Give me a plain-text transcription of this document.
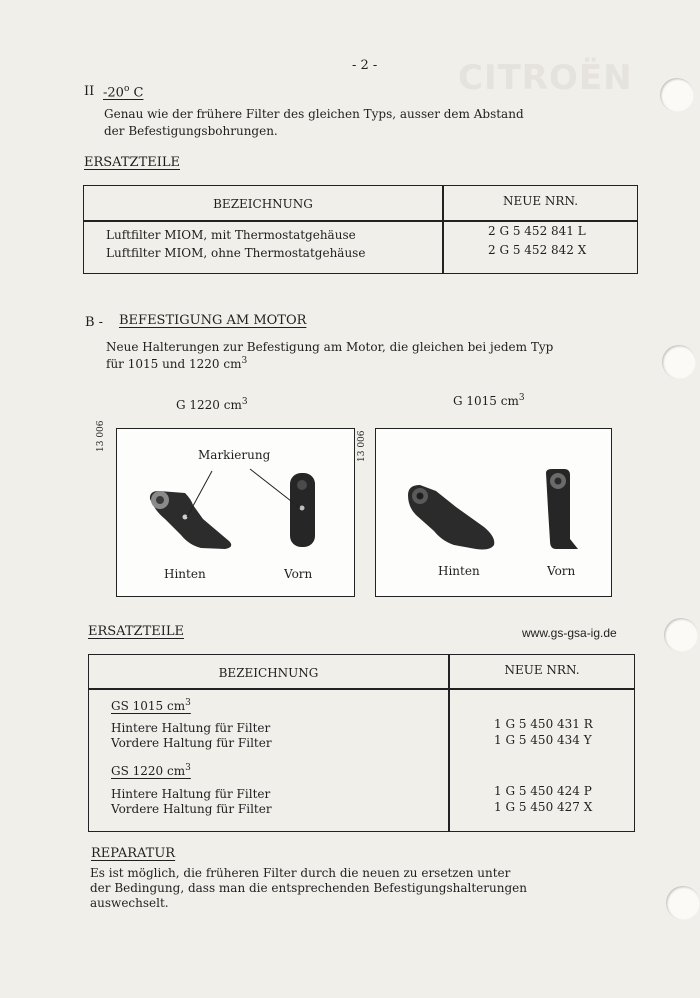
CITROËN
- 2 -
II -20$^o$ C
Genau wie der frühere Filter des gleichen Typs, ausser dem Abstand
der Befestigungsbohrungen.
ERSATZTEILE
BEZEICHNUNG	NEUE NRN.
Luftfilter MIOM, mit Thermostatgehäuse	2 G 5 452 841 L
Luftfilter MIOM, ohne Thermostatgehäuse	2 G 5 452 842 X
B - BEFESTIGUNG AM MOTOR
Neue Halterungen zur Befestigung am Motor, die gleichen bei jedem Typ
für 1015 und 1220 $cm^3$
G 1220 $cm^3$	G 1015 $cm^3$
13 006	13 006
Markierung
Hinten	Vorn	Hinten	Vorn
ERSATZTEILE	www.gs-gsa-ig.de
BEZEICHNUNG	NEUE NRN.
GS 1015 $cm^3$
Hintere Haltung für Filter	1 G 5 450 431 R
Vordere Haltung für Filter	1 G 5 450 434 Y
GS 1220 $cm^3$
Hintere Haltung für Filter	1 G 5 450 424 P
Vordere Haltung für Filter	1 G 5 450 427 X
REPARATUR
Es ist möglich, die früheren Filter durch die neuen zu ersetzen unter
der Bedingung, dass man die entsprechenden Befestigungshalterungen
auswechselt.
